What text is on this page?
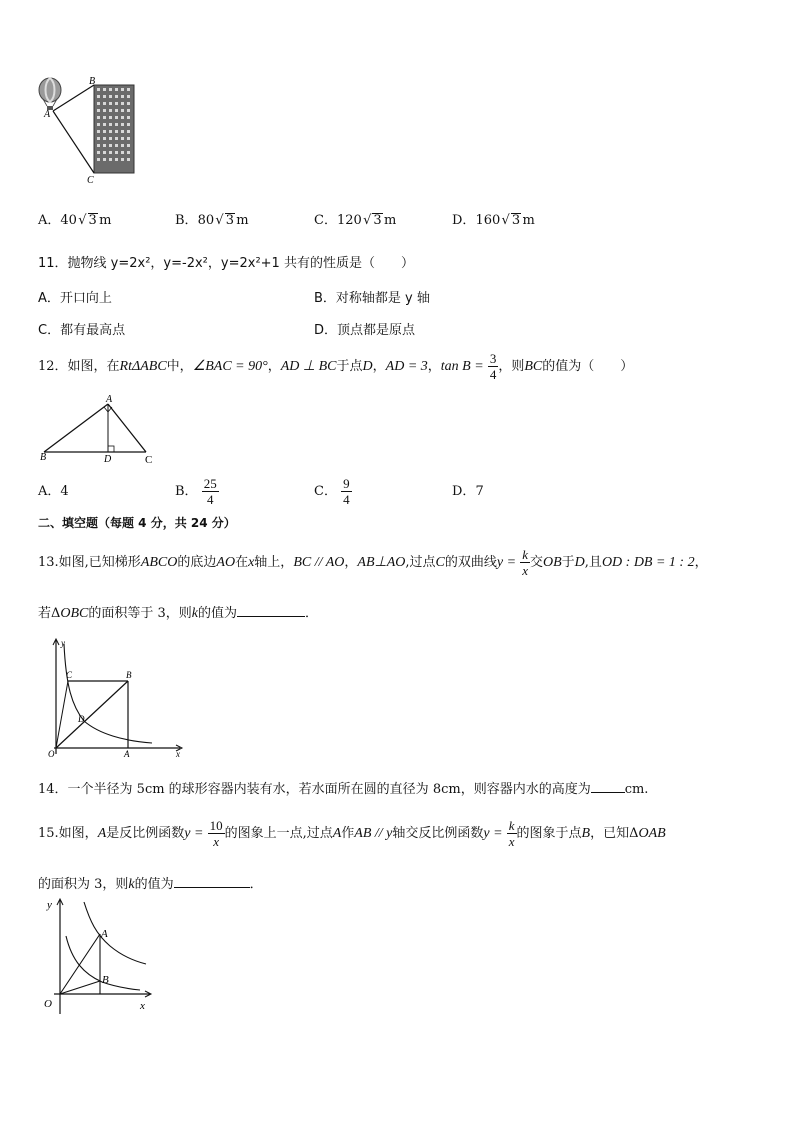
B
A
C
A．40 √ 3  m	B．80 √ 3  m	C．120 √ 3  m	D．160 √ 3  m
11．抛物线 y=2x²，y=-2x²，y=2x²+1 共有的性质是（　　）
A．开口向上	B．对称轴都是 y 轴
C．都有最高点	D．顶点都是原点
12．如图，在RtΔABC中，∠BAC = 90°，AD ⊥ BC于点D，AD = 3，$\tan B = \frac{3}{4}$ ，则BC的值为（　　）
A
B	D	C
A．4	B． $\frac{25}{4}$	C． $\frac{9}{4}$	D．7
二、填空题（每题 4 分，共 24 分）
13.如图,已知梯形ABCO的底边AO在x轴上，BC // AO，AB⊥AO,过点C的双曲线$y = \frac{k}{x}$ 交OB于D,且OD : DB = 1 : 2，
若ΔOBC的面积等于 3，则k的值为	．
y
C	B
D
O	A	x
14．一个半径为 5cm 的球形容器内装有水，若水面所在圆的直径为 8cm，则容器内水的高度为	cm.
15.如图，A是反比例函数$y = \frac{10}{x}$ 的图象上一点,过点A作AB // y轴交反比例函数$y = \frac{k}{x}$ 的图象于点B，已知ΔOAB
的面积为 3，则k的值为	．
y
A
B
O	x
